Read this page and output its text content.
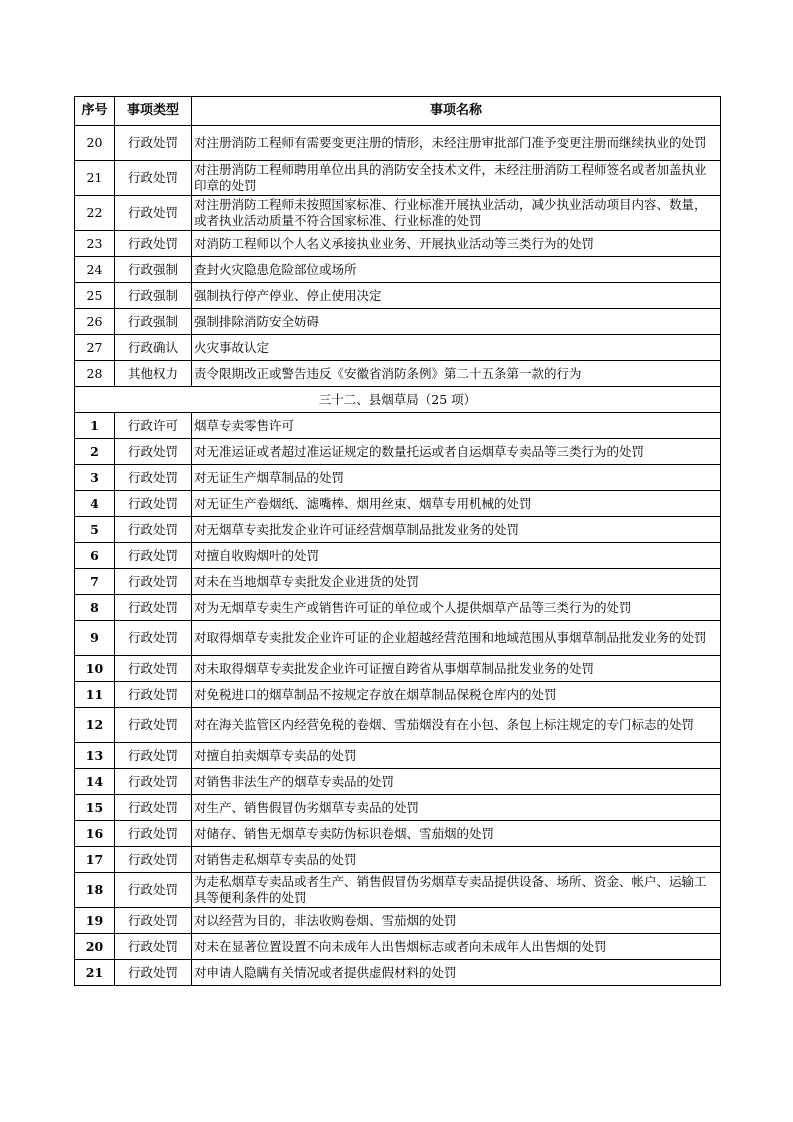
序号	事项类型	事项名称
20	行政处罚	对注册消防工程师有需要变更注册的情形，未经注册审批部门准予变更注册而继续执业的处罚
21	行政处罚	对注册消防工程师聘用单位出具的消防安全技术文件，未经注册消防工程师签名或者加盖执业印章的处罚
22	行政处罚	对注册消防工程师未按照国家标准、行业标准开展执业活动，减少执业活动项目内容、数量，或者执业活动质量不符合国家标准、行业标准的处罚
23	行政处罚	对消防工程师以个人名义承接执业业务、开展执业活动等三类行为的处罚
24	行政强制	查封火灾隐患危险部位或场所
25	行政强制	强制执行停产停业、停止使用决定
26	行政强制	强制排除消防安全妨碍
27	行政确认	火灾事故认定
28	其他权力	责令限期改正或警告违反《安徽省消防条例》第二十五条第一款的行为
三十二、县烟草局（25 项）		
1	行政许可	烟草专卖零售许可
2	行政处罚	对无准运证或者超过准运证规定的数量托运或者自运烟草专卖品等三类行为的处罚
3	行政处罚	对无证生产烟草制品的处罚
4	行政处罚	对无证生产卷烟纸、滤嘴棒、烟用丝束、烟草专用机械的处罚
5	行政处罚	对无烟草专卖批发企业许可证经营烟草制品批发业务的处罚
6	行政处罚	对擅自收购烟叶的处罚
7	行政处罚	对未在当地烟草专卖批发企业进货的处罚
8	行政处罚	对为无烟草专卖生产或销售许可证的单位或个人提供烟草产品等三类行为的处罚
9	行政处罚	对取得烟草专卖批发企业许可证的企业超越经营范围和地域范围从事烟草制品批发业务的处罚
10	行政处罚	对未取得烟草专卖批发企业许可证擅自跨省从事烟草制品批发业务的处罚
11	行政处罚	对免税进口的烟草制品不按规定存放在烟草制品保税仓库内的处罚
12	行政处罚	对在海关监管区内经营免税的卷烟、雪茄烟没有在小包、条包上标注规定的专门标志的处罚
13	行政处罚	对擅自拍卖烟草专卖品的处罚
14	行政处罚	对销售非法生产的烟草专卖品的处罚
15	行政处罚	对生产、销售假冒伪劣烟草专卖品的处罚
16	行政处罚	对储存、销售无烟草专卖防伪标识卷烟、雪茄烟的处罚
17	行政处罚	对销售走私烟草专卖品的处罚
18	行政处罚	为走私烟草专卖品或者生产、销售假冒伪劣烟草专卖品提供设备、场所、资金、帐户、运输工具等便利条件的处罚
19	行政处罚	对以经营为目的，非法收购卷烟、雪茄烟的处罚
20	行政处罚	对未在显著位置设置不向未成年人出售烟标志或者向未成年人出售烟的处罚
21	行政处罚	对申请人隐瞒有关情况或者提供虚假材料的处罚
